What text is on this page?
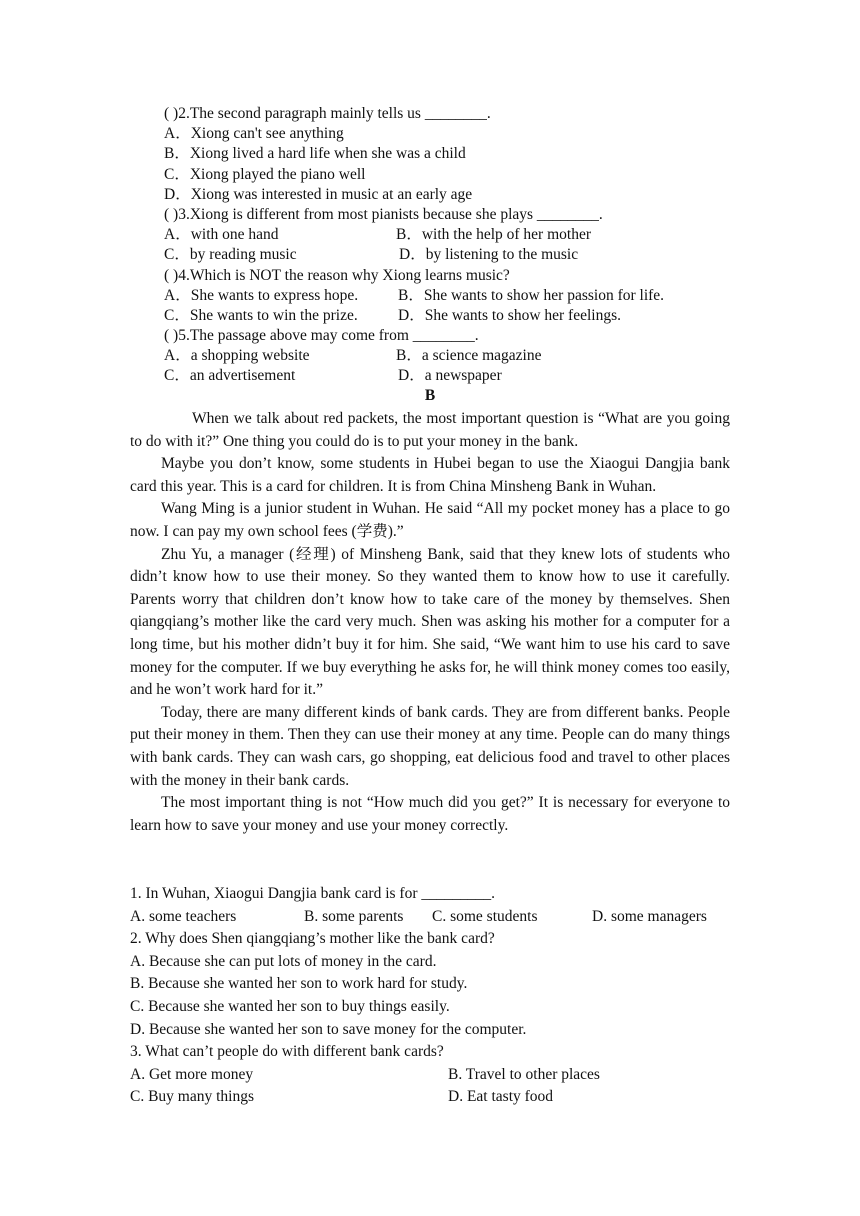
( )2.The second paragraph mainly tells us ________.
A．Xiong can't see anything
B．Xiong lived a hard life when she was a child
C．Xiong played the piano well
D．Xiong was interested in music at an early age
( )3.Xiong is different from most pianists because she plays ________.
A．with one hand	B．with the help of her mother
C．by reading music	D．by listening to the music
( )4.Which is NOT the reason why Xiong learns music?
A．She wants to express hope.	B．She wants to show her passion for life.
C．She wants to win the prize.	D．She wants to show her feelings.
( )5.The passage above may come from ________.
A．a shopping website	B．a science magazine
C．an advertisement	D．a newspaper
B

When we talk about red packets, the most important question is “What are you going to do with it?” One thing you could do is to put your money in the bank.

Maybe you don’t know, some students in Hubei began to use the Xiaogui Dangjia bank card this year. This is a card for children. It is from China Minsheng Bank in Wuhan.

Wang Ming is a junior student in Wuhan. He said “All my pocket money has a place to go now. I can pay my own school fees (学费).”

Zhu Yu, a manager (经理) of Minsheng Bank, said that they knew lots of students who didn’t know how to use their money. So they wanted them to know how to use it carefully. Parents worry that children don’t know how to take care of the money by themselves. Shen qiangqiang’s mother like the card very much. Shen was asking his mother for a computer for a long time, but his mother didn’t buy it for him. She said, “We want him to use his card to save money for the computer. If we buy everything he asks for, he will think money comes too easily, and he won’t work hard for it.”

Today, there are many different kinds of bank cards. They are from different banks. People put their money in them. Then they can use their money at any time. People can do many things with bank cards. They can wash cars, go shopping, eat delicious food and travel to other places with the money in their bank cards.

The most important thing is not “How much did you get?” It is necessary for everyone to learn how to save your money and use your money correctly.

1. In Wuhan, Xiaogui Dangjia bank card is for _________.
A. some teachers	B. some parents C. some students	D. some managers
2. Why does Shen qiangqiang’s mother like the bank card?
A. Because she can put lots of money in the card.
B. Because she wanted her son to work hard for study.
C. Because she wanted her son to buy things easily.
D. Because she wanted her son to save money for the computer.
3. What can’t people do with different bank cards?
A. Get more money	B. Travel to other places
C. Buy many things	D. Eat tasty food
